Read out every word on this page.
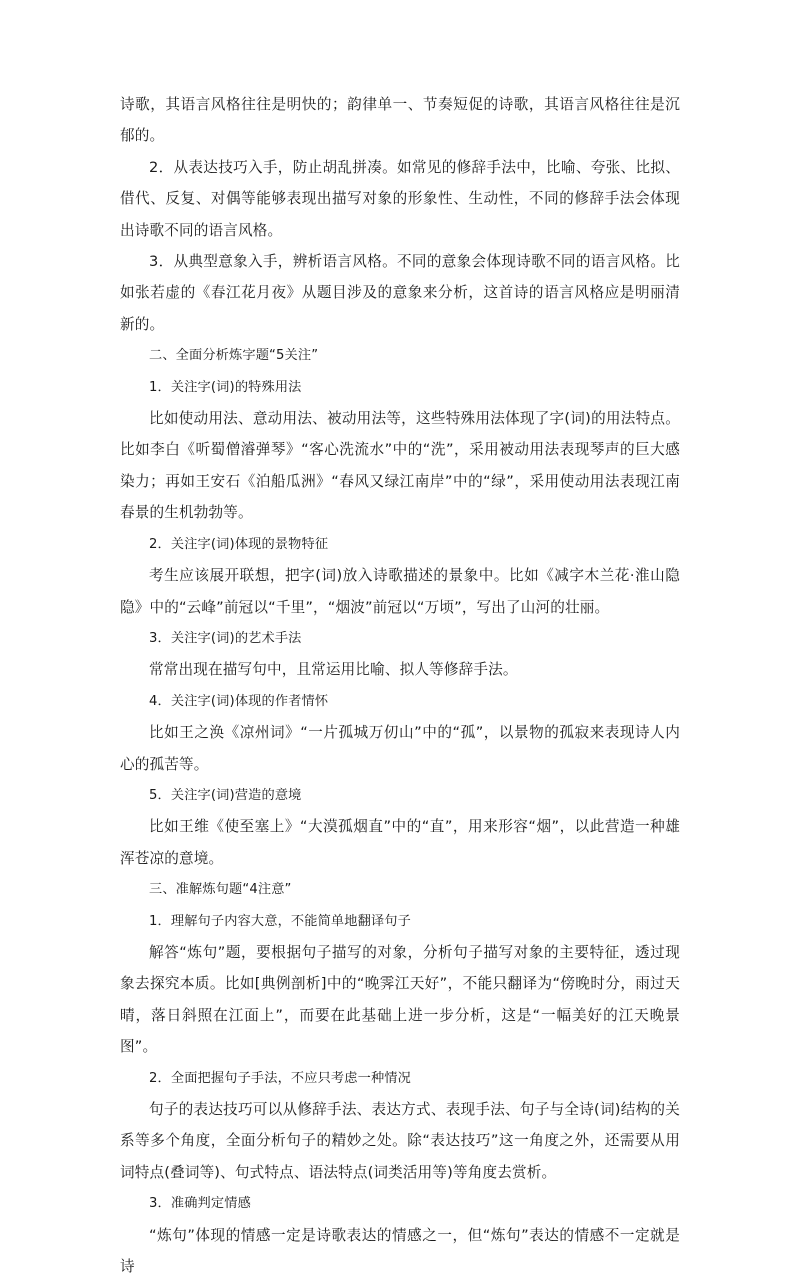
诗歌，其语言风格往往是明快的；韵律单一、节奏短促的诗歌，其语言风格往往是沉郁的。

2．从表达技巧入手，防止胡乱拼凑。如常见的修辞手法中，比喻、夸张、比拟、借代、反复、对偶等能够表现出描写对象的形象性、生动性，不同的修辞手法会体现出诗歌不同的语言风格。

3．从典型意象入手，辨析语言风格。不同的意象会体现诗歌不同的语言风格。比如张若虚的《春江花月夜》从题目涉及的意象来分析，这首诗的语言风格应是明丽清新的。

二、全面分析炼字题“5关注”

1．关注字(词)的特殊用法

比如使动用法、意动用法、被动用法等，这些特殊用法体现了字(词)的用法特点。比如李白《听蜀僧濬弹琴》“客心洗流水”中的“洗”，采用被动用法表现琴声的巨大感染力；再如王安石《泊船瓜洲》“春风又绿江南岸”中的“绿”，采用使动用法表现江南春景的生机勃勃等。

2．关注字(词)体现的景物特征

考生应该展开联想，把字(词)放入诗歌描述的景象中。比如《减字木兰花·淮山隐隐》中的“云峰”前冠以“千里”，“烟波”前冠以“万顷”，写出了山河的壮丽。

3．关注字(词)的艺术手法

常常出现在描写句中，且常运用比喻、拟人等修辞手法。

4．关注字(词)体现的作者情怀

比如王之涣《凉州词》“一片孤城万仞山”中的“孤”，以景物的孤寂来表现诗人内心的孤苦等。

5．关注字(词)营造的意境

比如王维《使至塞上》“大漠孤烟直”中的“直”，用来形容“烟”，以此营造一种雄浑苍凉的意境。

三、准解炼句题“4注意”

1．理解句子内容大意，不能简单地翻译句子

解答“炼句”题，要根据句子描写的对象，分析句子描写对象的主要特征，透过现象去探究本质。比如[典例剖析]中的“晚霁江天好”，不能只翻译为“傍晚时分，雨过天晴，落日斜照在江面上”，而要在此基础上进一步分析，这是“一幅美好的江天晚景图”。

2．全面把握句子手法，不应只考虑一种情况

句子的表达技巧可以从修辞手法、表达方式、表现手法、句子与全诗(词)结构的关系等多个角度，全面分析句子的精妙之处。除“表达技巧”这一角度之外，还需要从用词特点(叠词等)、句式特点、语法特点(词类活用等)等角度去赏析。

3．准确判定情感

“炼句”体现的情感一定是诗歌表达的情感之一，但“炼句”表达的情感不一定就是诗
